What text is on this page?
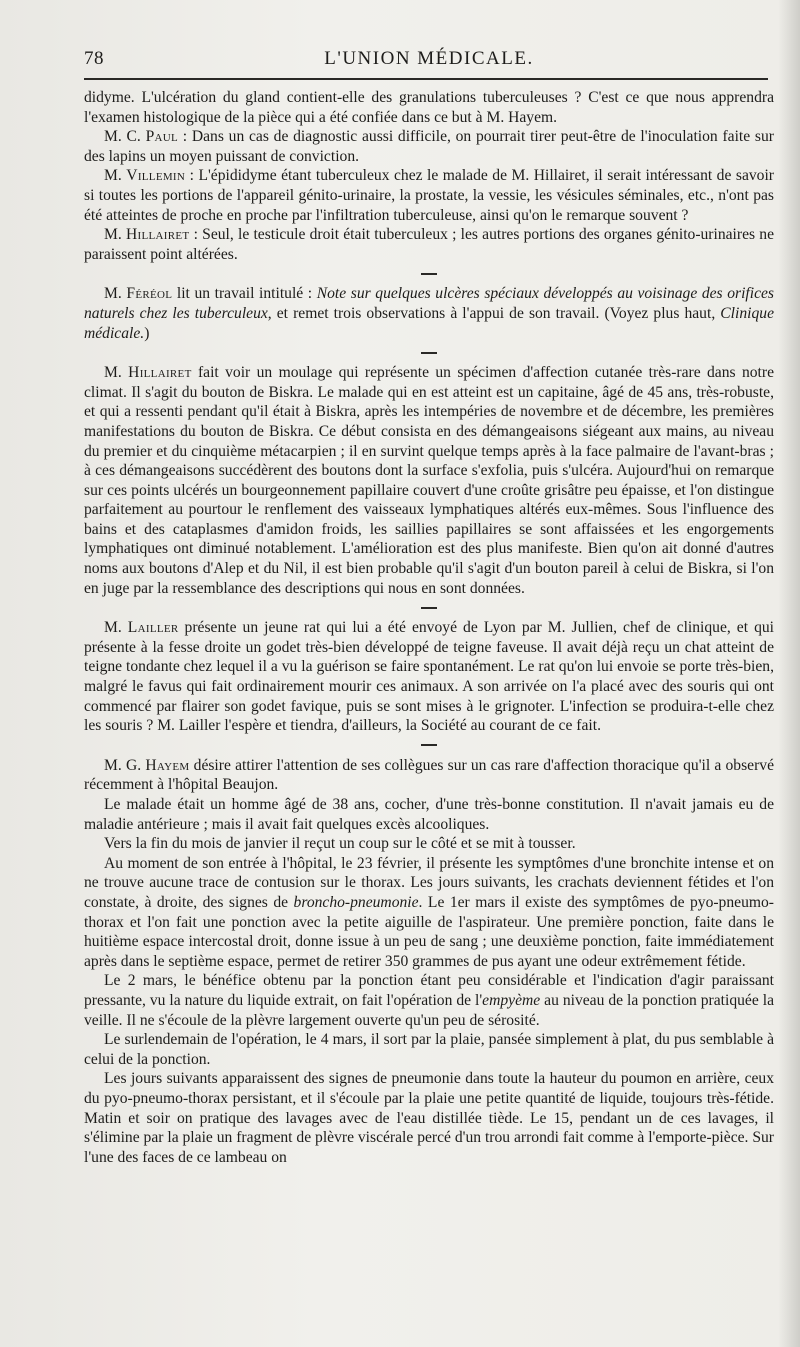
78	L'UNION MÉDICALE.

didyme. L'ulcération du gland contient-elle des granulations tuberculeuses ? C'est ce que nous apprendra l'examen histologique de la pièce qui a été confiée dans ce but à M. Hayem.

M. C. Paul : Dans un cas de diagnostic aussi difficile, on pourrait tirer peut-être de l'inoculation faite sur des lapins un moyen puissant de conviction.

M. Villemin : L'épididyme étant tuberculeux chez le malade de M. Hillairet, il serait intéressant de savoir si toutes les portions de l'appareil génito-urinaire, la prostate, la vessie, les vésicules séminales, etc., n'ont pas été atteintes de proche en proche par l'infiltration tuberculeuse, ainsi qu'on le remarque souvent ?

M. Hillairet : Seul, le testicule droit était tuberculeux ; les autres portions des organes génito-urinaires ne paraissent point altérées.

M. Féréol lit un travail intitulé : Note sur quelques ulcères spéciaux développés au voisinage des orifices naturels chez les tuberculeux, et remet trois observations à l'appui de son travail. (Voyez plus haut, Clinique médicale.)

M. Hillairet fait voir un moulage qui représente un spécimen d'affection cutanée très-rare dans notre climat. Il s'agit du bouton de Biskra. Le malade qui en est atteint est un capitaine, âgé de 45 ans, très-robuste, et qui a ressenti pendant qu'il était à Biskra, après les intempéries de novembre et de décembre, les premières manifestations du bouton de Biskra. Ce début consista en des démangeaisons siégeant aux mains, au niveau du premier et du cinquième métacarpien ; il en survint quelque temps après à la face palmaire de l'avant-bras ; à ces démangeaisons succédèrent des boutons dont la surface s'exfolia, puis s'ulcéra. Aujourd'hui on remarque sur ces points ulcérés un bourgeonnement papillaire couvert d'une croûte grisâtre peu épaisse, et l'on distingue parfaitement au pourtour le renflement des vaisseaux lymphatiques altérés eux-mêmes. Sous l'influence des bains et des cataplasmes d'amidon froids, les saillies papillaires se sont affaissées et les engorgements lymphatiques ont diminué notablement. L'amélioration est des plus manifeste. Bien qu'on ait donné d'autres noms aux boutons d'Alep et du Nil, il est bien probable qu'il s'agit d'un bouton pareil à celui de Biskra, si l'on en juge par la ressemblance des descriptions qui nous en sont données.

M. Lailler présente un jeune rat qui lui a été envoyé de Lyon par M. Jullien, chef de clinique, et qui présente à la fesse droite un godet très-bien développé de teigne faveuse. Il avait déjà reçu un chat atteint de teigne tondante chez lequel il a vu la guérison se faire spontanément. Le rat qu'on lui envoie se porte très-bien, malgré le favus qui fait ordinairement mourir ces animaux. A son arrivée on l'a placé avec des souris qui ont commencé par flairer son godet favique, puis se sont mises à le grignoter. L'infection se produira-t-elle chez les souris ? M. Lailler l'espère et tiendra, d'ailleurs, la Société au courant de ce fait.

M. G. Hayem désire attirer l'attention de ses collègues sur un cas rare d'affection thoracique qu'il a observé récemment à l'hôpital Beaujon.

Le malade était un homme âgé de 38 ans, cocher, d'une très-bonne constitution. Il n'avait jamais eu de maladie antérieure ; mais il avait fait quelques excès alcooliques.

Vers la fin du mois de janvier il reçut un coup sur le côté et se mit à tousser.

Au moment de son entrée à l'hôpital, le 23 février, il présente les symptômes d'une bronchite intense et on ne trouve aucune trace de contusion sur le thorax. Les jours suivants, les crachats deviennent fétides et l'on constate, à droite, des signes de broncho-pneumonie. Le 1er mars il existe des symptômes de pyo-pneumo-thorax et l'on fait une ponction avec la petite aiguille de l'aspirateur. Une première ponction, faite dans le huitième espace intercostal droit, donne issue à un peu de sang ; une deuxième ponction, faite immédiatement après dans le septième espace, permet de retirer 350 grammes de pus ayant une odeur extrêmement fétide.

Le 2 mars, le bénéfice obtenu par la ponction étant peu considérable et l'indication d'agir paraissant pressante, vu la nature du liquide extrait, on fait l'opération de l'empyème au niveau de la ponction pratiquée la veille. Il ne s'écoule de la plèvre largement ouverte qu'un peu de sérosité.

Le surlendemain de l'opération, le 4 mars, il sort par la plaie, pansée simplement à plat, du pus semblable à celui de la ponction.

Les jours suivants apparaissent des signes de pneumonie dans toute la hauteur du poumon en arrière, ceux du pyo-pneumo-thorax persistant, et il s'écoule par la plaie une petite quantité de liquide, toujours très-fétide. Matin et soir on pratique des lavages avec de l'eau distillée tiède. Le 15, pendant un de ces lavages, il s'élimine par la plaie un fragment de plèvre viscérale percé d'un trou arrondi fait comme à l'emporte-pièce. Sur l'une des faces de ce lambeau on
